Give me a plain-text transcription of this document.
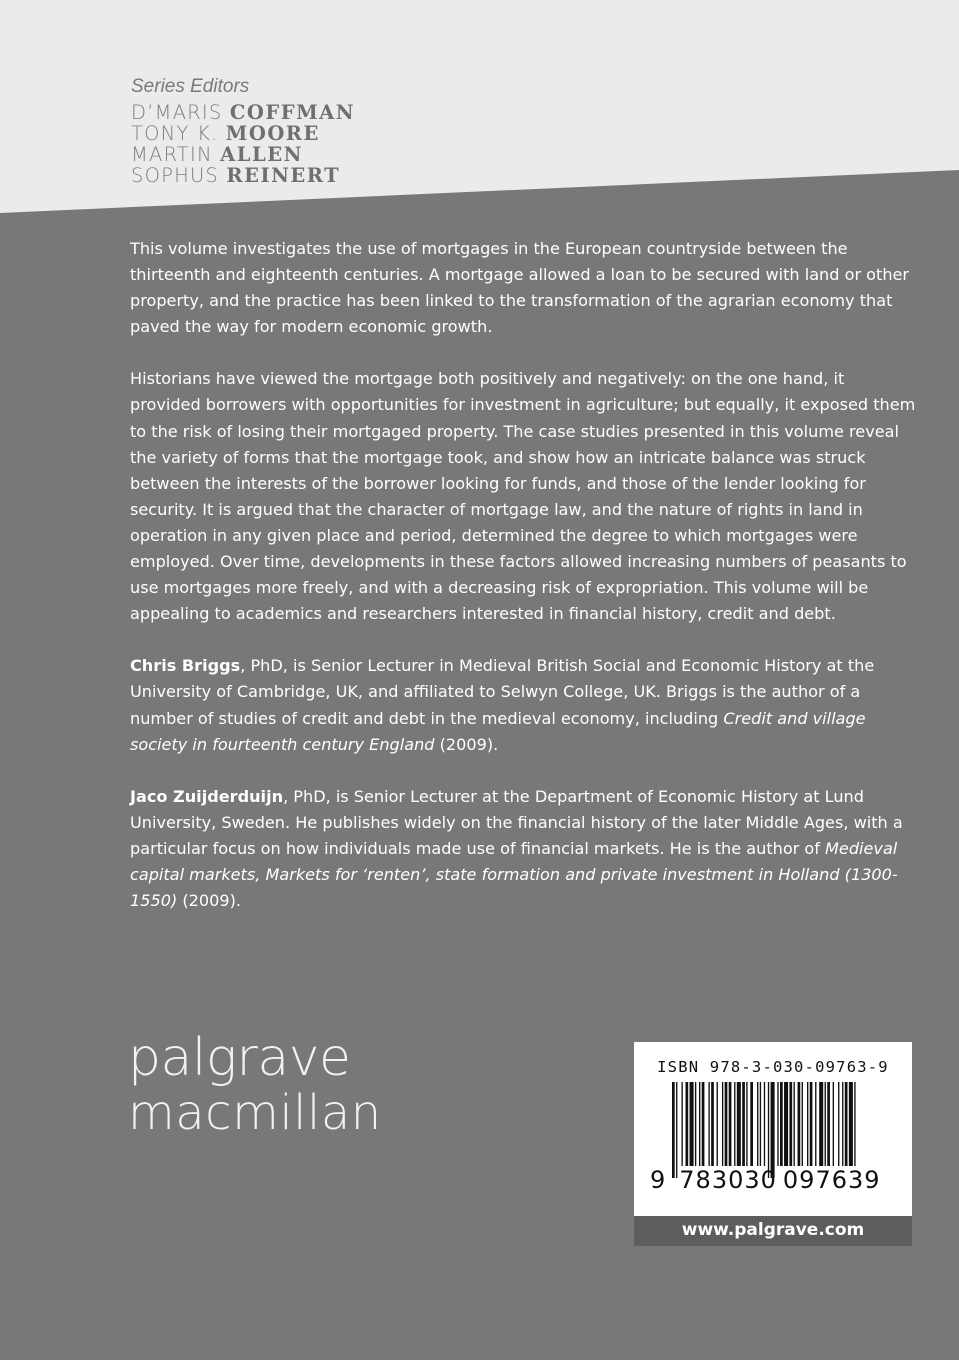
Series Editors
D’MARIS COFFMAN
TONY K. MOORE
MARTIN ALLEN
SOPHUS REINERT

This volume investigates the use of mortgages in the European countryside between the thirteenth and eighteenth centuries. A mortgage allowed a loan to be secured with land or other property, and the practice has been linked to the transformation of the agrarian economy that paved the way for modern economic growth.

Historians have viewed the mortgage both positively and negatively: on the one hand, it provided borrowers with opportunities for investment in agriculture; but equally, it exposed them to the risk of losing their mortgaged property. The case studies presented in this volume reveal the variety of forms that the mortgage took, and show how an intricate balance was struck between the interests of the borrower looking for funds, and those of the lender looking for security. It is argued that the character of mortgage law, and the nature of rights in land in operation in any given place and period, determined the degree to which mortgages were employed. Over time, developments in these factors allowed increasing numbers of peasants to use mortgages more freely, and with a decreasing risk of expropriation. This volume will be appealing to academics and researchers interested in financial history, credit and debt.

Chris Briggs, PhD, is Senior Lecturer in Medieval British Social and Economic History at the University of Cambridge, UK, and affiliated to Selwyn College, UK. Briggs is the author of a number of studies of credit and debt in the medieval economy, including Credit and village society in fourteenth century England (2009).

Jaco Zuijderduijn, PhD, is Senior Lecturer at the Department of Economic History at Lund University, Sweden. He publishes widely on the financial history of the later Middle Ages, with a particular focus on how individuals made use of financial markets. He is the author of Medieval capital markets, Markets for ‘renten’, state formation and private investment in Holland (1300-1550) (2009).

palgrave
macmillan
ISBN 978-3-030-09763-9
9 783030 097639
www.palgrave.com
